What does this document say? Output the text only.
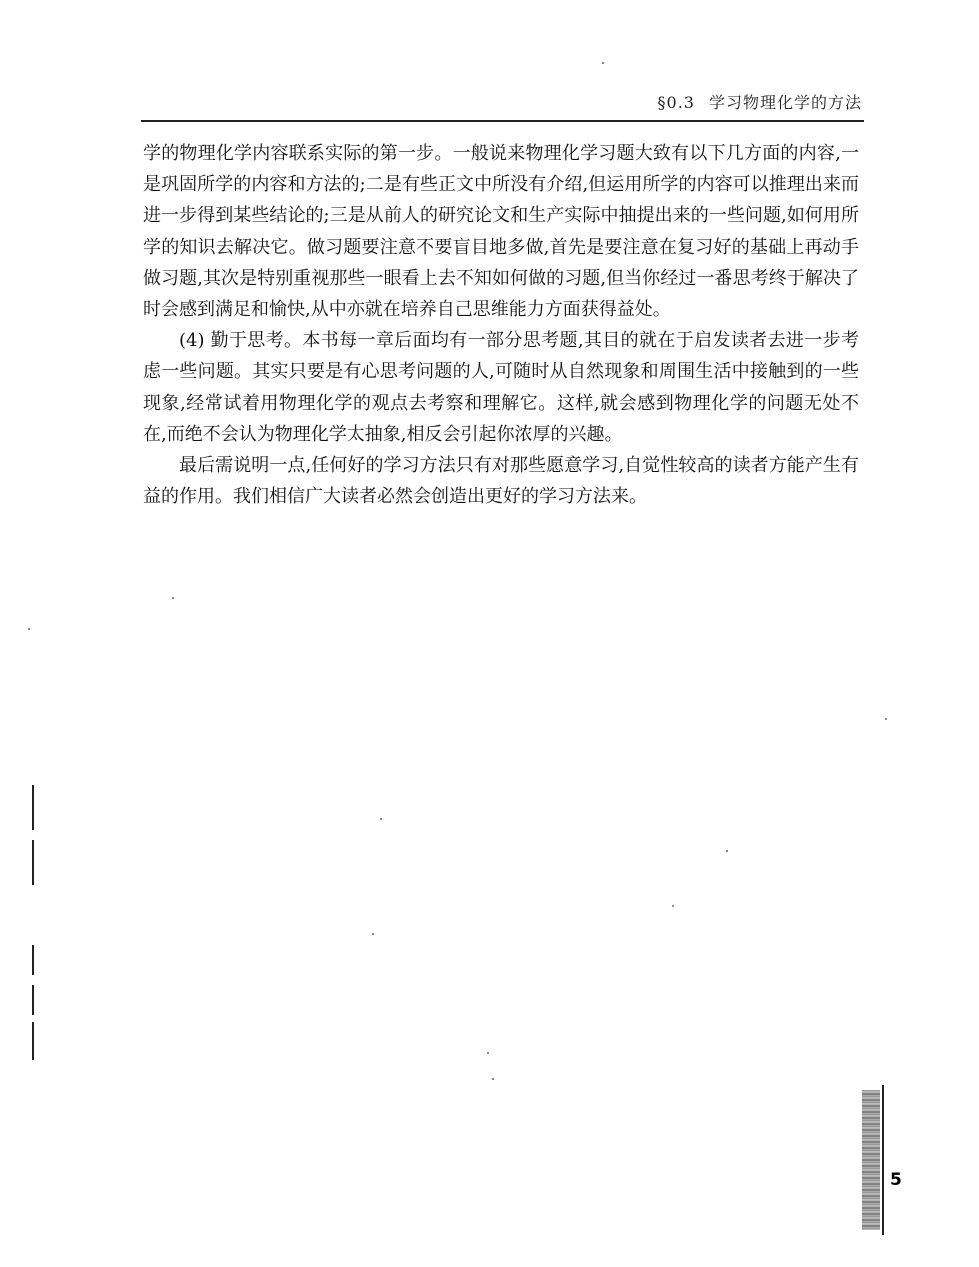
§0.3 学习物理化学的方法

学的物理化学内容联系实际的第一步。一般说来物理化学习题大致有以下几方面的内容,一是巩固所学的内容和方法的;二是有些正文中所没有介绍,但运用所学的内容可以推理出来而进一步得到某些结论的;三是从前人的研究论文和生产实际中抽提出来的一些问题,如何用所学的知识去解决它。做习题要注意不要盲目地多做,首先是要注意在复习好的基础上再动手做习题,其次是特别重视那些一眼看上去不知如何做的习题,但当你经过一番思考终于解决了时会感到满足和愉快,从中亦就在培养自己思维能力方面获得益处。

(4) 勤于思考。本书每一章后面均有一部分思考题,其目的就在于启发读者去进一步考虑一些问题。其实只要是有心思考问题的人,可随时从自然现象和周围生活中接触到的一些现象,经常试着用物理化学的观点去考察和理解它。这样,就会感到物理化学的问题无处不在,而绝不会认为物理化学太抽象,相反会引起你浓厚的兴趣。

最后需说明一点,任何好的学习方法只有对那些愿意学习,自觉性较高的读者方能产生有益的作用。我们相信广大读者必然会创造出更好的学习方法来。

5
